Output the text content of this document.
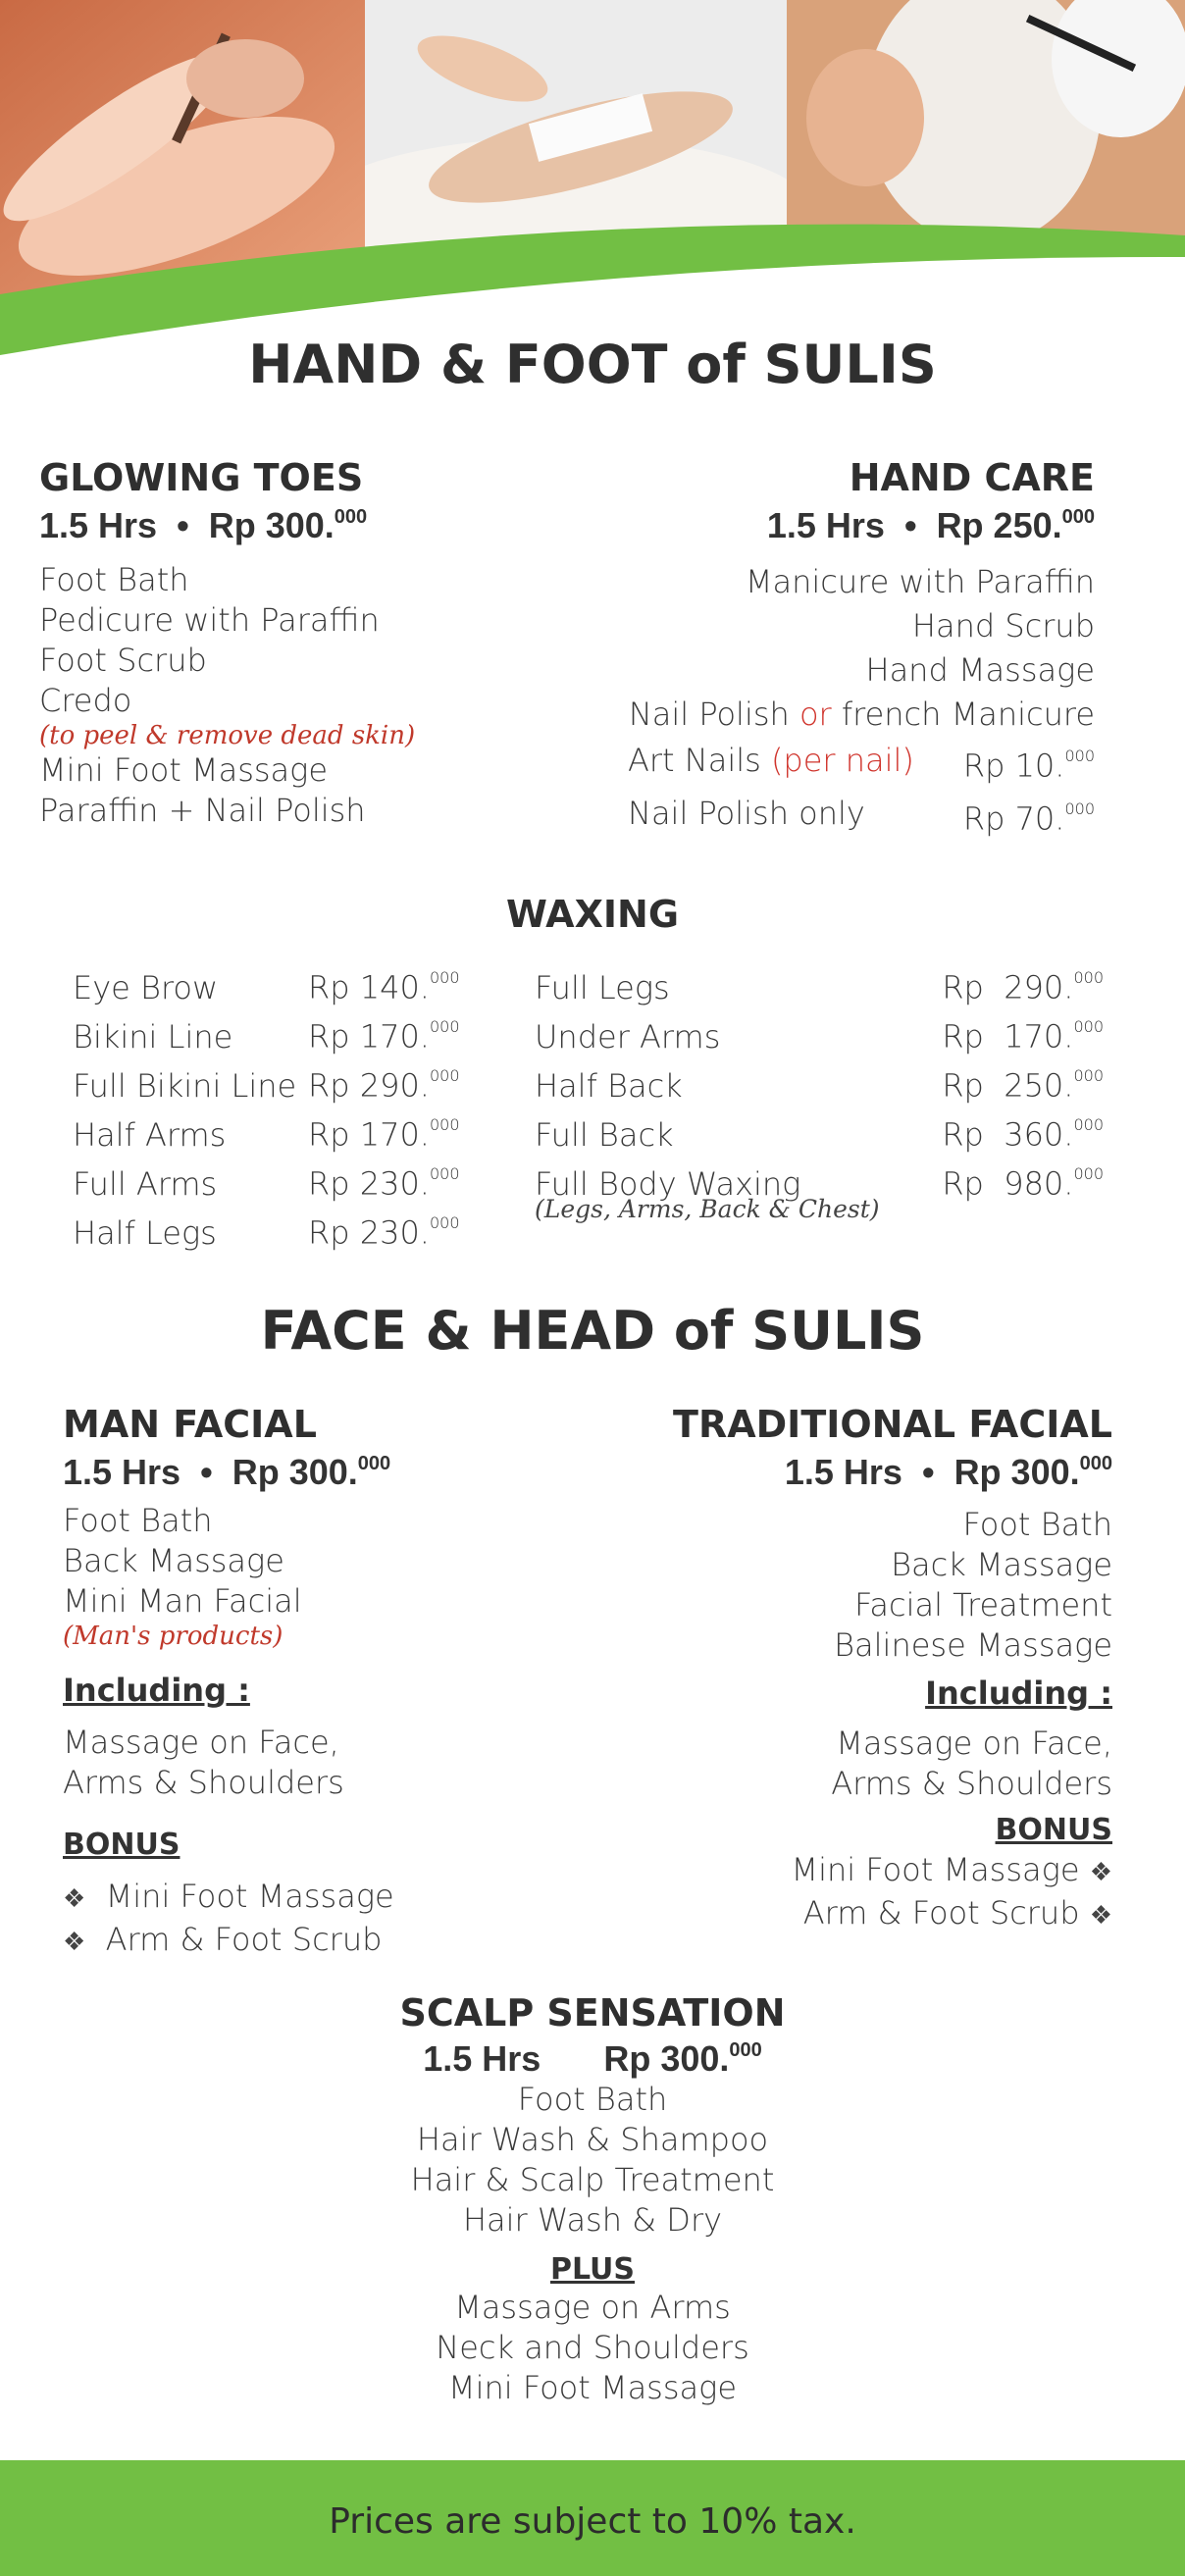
HAND & FOOT of SULIS
GLOWING TOES
1.5 Hrs • Rp 300.$^{000}$
Foot Bath
Pedicure with Paraffin
Foot Scrub
Credo
(to peel & remove dead skin)
Mini Foot Massage
Paraffin + Nail Polish
HAND CARE
1.5 Hrs • Rp 250.$^{000}$
Manicure with Paraffin
Hand Scrub
Hand Massage
Nail Polish or french Manicure
Art Nails (per nail) Rp 10.$^{000}$
Nail Polish only	Rp 70.$^{000}$
WAXING
Eye Brow	Rp 140.$^{000}$
Bikini Line	Rp 170.$^{000}$
Full Bikini Line Rp 290.$^{000}$
Half Arms	Rp 170.$^{000}$
Full Arms	Rp 230.$^{000}$
Half Legs	Rp 230.$^{000}$
Full Legs	Rp  290.$^{000}$
Under Arms	Rp  170.$^{000}$
Half Back	Rp  250.$^{000}$
Full Back	Rp  360.$^{000}$
Full Body Waxing	Rp  980.$^{000}$
(Legs, Arms, Back & Chest)
FACE & HEAD of SULIS
MAN FACIAL
1.5 Hrs • Rp 300.$^{000}$
Foot Bath
Back Massage
Mini Man Facial
(Man's products)
Including :
Massage on Face,
Arms & Shoulders
BONUS
❖ Mini Foot Massage
❖ Arm & Foot Scrub
TRADITIONAL FACIAL
1.5 Hrs • Rp 300.$^{000}$
Foot Bath
Back Massage
Facial Treatment
Balinese Massage
Including :
Massage on Face,
Arms & Shoulders
BONUS
Mini Foot Massage ❖
Arm & Foot Scrub ❖
SCALP SENSATION
1.5 Hrs Rp 300.$^{000}$
Foot Bath
Hair Wash & Shampoo
Hair & Scalp Treatment
Hair Wash & Dry
PLUS
Massage on Arms
Neck and Shoulders
Mini Foot Massage
Prices are subject to 10% tax.
